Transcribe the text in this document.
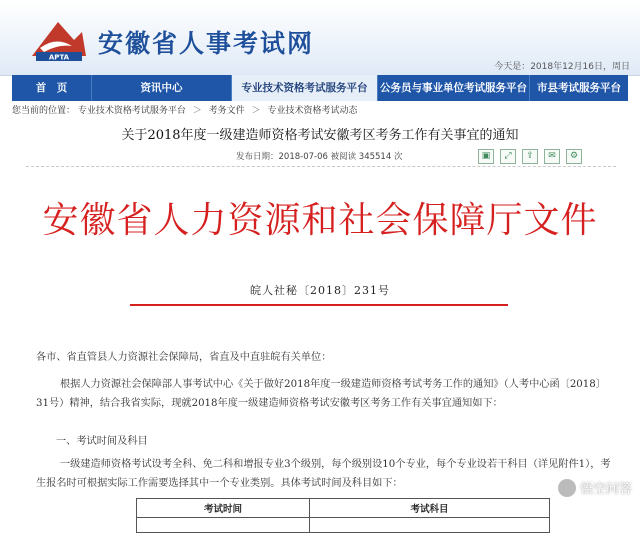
APTA 安徽省人事考试网
今天是：2018年12月16日，周日
首　页	资讯中心	专业技术资格考试服务平台	公务员与事业单位考试服务平台 市县考试服务平台
您当前的位置： 专业技术资格考试服务平台 ＞ 考务文件 ＞ 专业技术资格考试动态
关于2018年度一级建造师资格考试安徽考区考务工作有关事宜的通知
发布日期：2018-07-06 被阅读 345514 次	▣	⤢	⇪	✉	⚙
安徽省人力资源和社会保障厅文件
皖人社秘〔2018〕231号
各市、省直管县人力资源社会保障局，省直及中直驻皖有关单位：
根据人力资源社会保障部人事考试中心《关于做好2018年度一级建造师资格考试考务工作的通知》（人考中心函〔2018〕31号）精神，结合我省实际，现就2018年度一级建造师资格考试安徽考区考务工作有关事宜通知如下：
一、考试时间及科目
一级建造师资格考试设考全科、免二科和增报专业3个级别，每个级别设10个专业，每个专业设若干科目（详见附件1），考生报名时可根据实际工作需要选择其中一个专业类别。具体考试时间及科目如下：
考试时间	考试科目

悟空问答
